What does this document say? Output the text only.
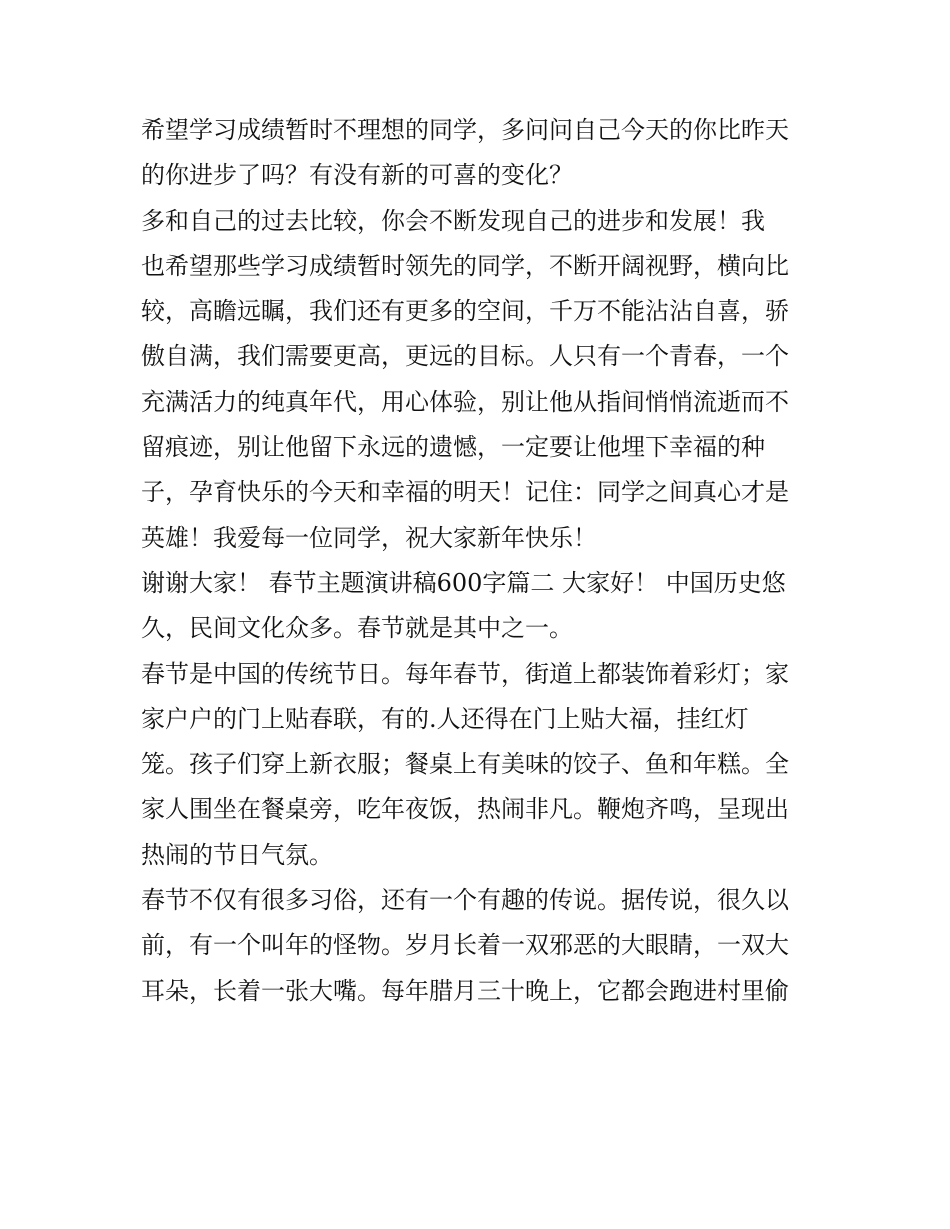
希望学习成绩暂时不理想的同学，多问问自己今天的你比昨天
的你进步了吗？有没有新的可喜的变化？
多和自己的过去比较，你会不断发现自己的进步和发展！我
也希望那些学习成绩暂时领先的同学，不断开阔视野，横向比
较，高瞻远瞩，我们还有更多的空间，千万不能沾沾自喜，骄
傲自满，我们需要更高，更远的目标。人只有一个青春，一个
充满活力的纯真年代，用心体验，别让他从指间悄悄流逝而不
留痕迹，别让他留下永远的遗憾，一定要让他埋下幸福的种
子，孕育快乐的今天和幸福的明天！记住：同学之间真心才是
英雄！我爱每一位同学，祝大家新年快乐！
谢谢大家！ 春节主题演讲稿600字篇二 大家好！ 中国历史悠
久，民间文化众多。春节就是其中之一。
春节是中国的传统节日。每年春节，街道上都装饰着彩灯；家
家户户的门上贴春联，有的.人还得在门上贴大福，挂红灯
笼。孩子们穿上新衣服；餐桌上有美味的饺子、鱼和年糕。全
家人围坐在餐桌旁，吃年夜饭，热闹非凡。鞭炮齐鸣，呈现出
热闹的节日气氛。
春节不仅有很多习俗，还有一个有趣的传说。据传说，很久以
前，有一个叫年的怪物。岁月长着一双邪恶的大眼睛，一双大
耳朵，长着一张大嘴。每年腊月三十晚上，它都会跑进村里偷
